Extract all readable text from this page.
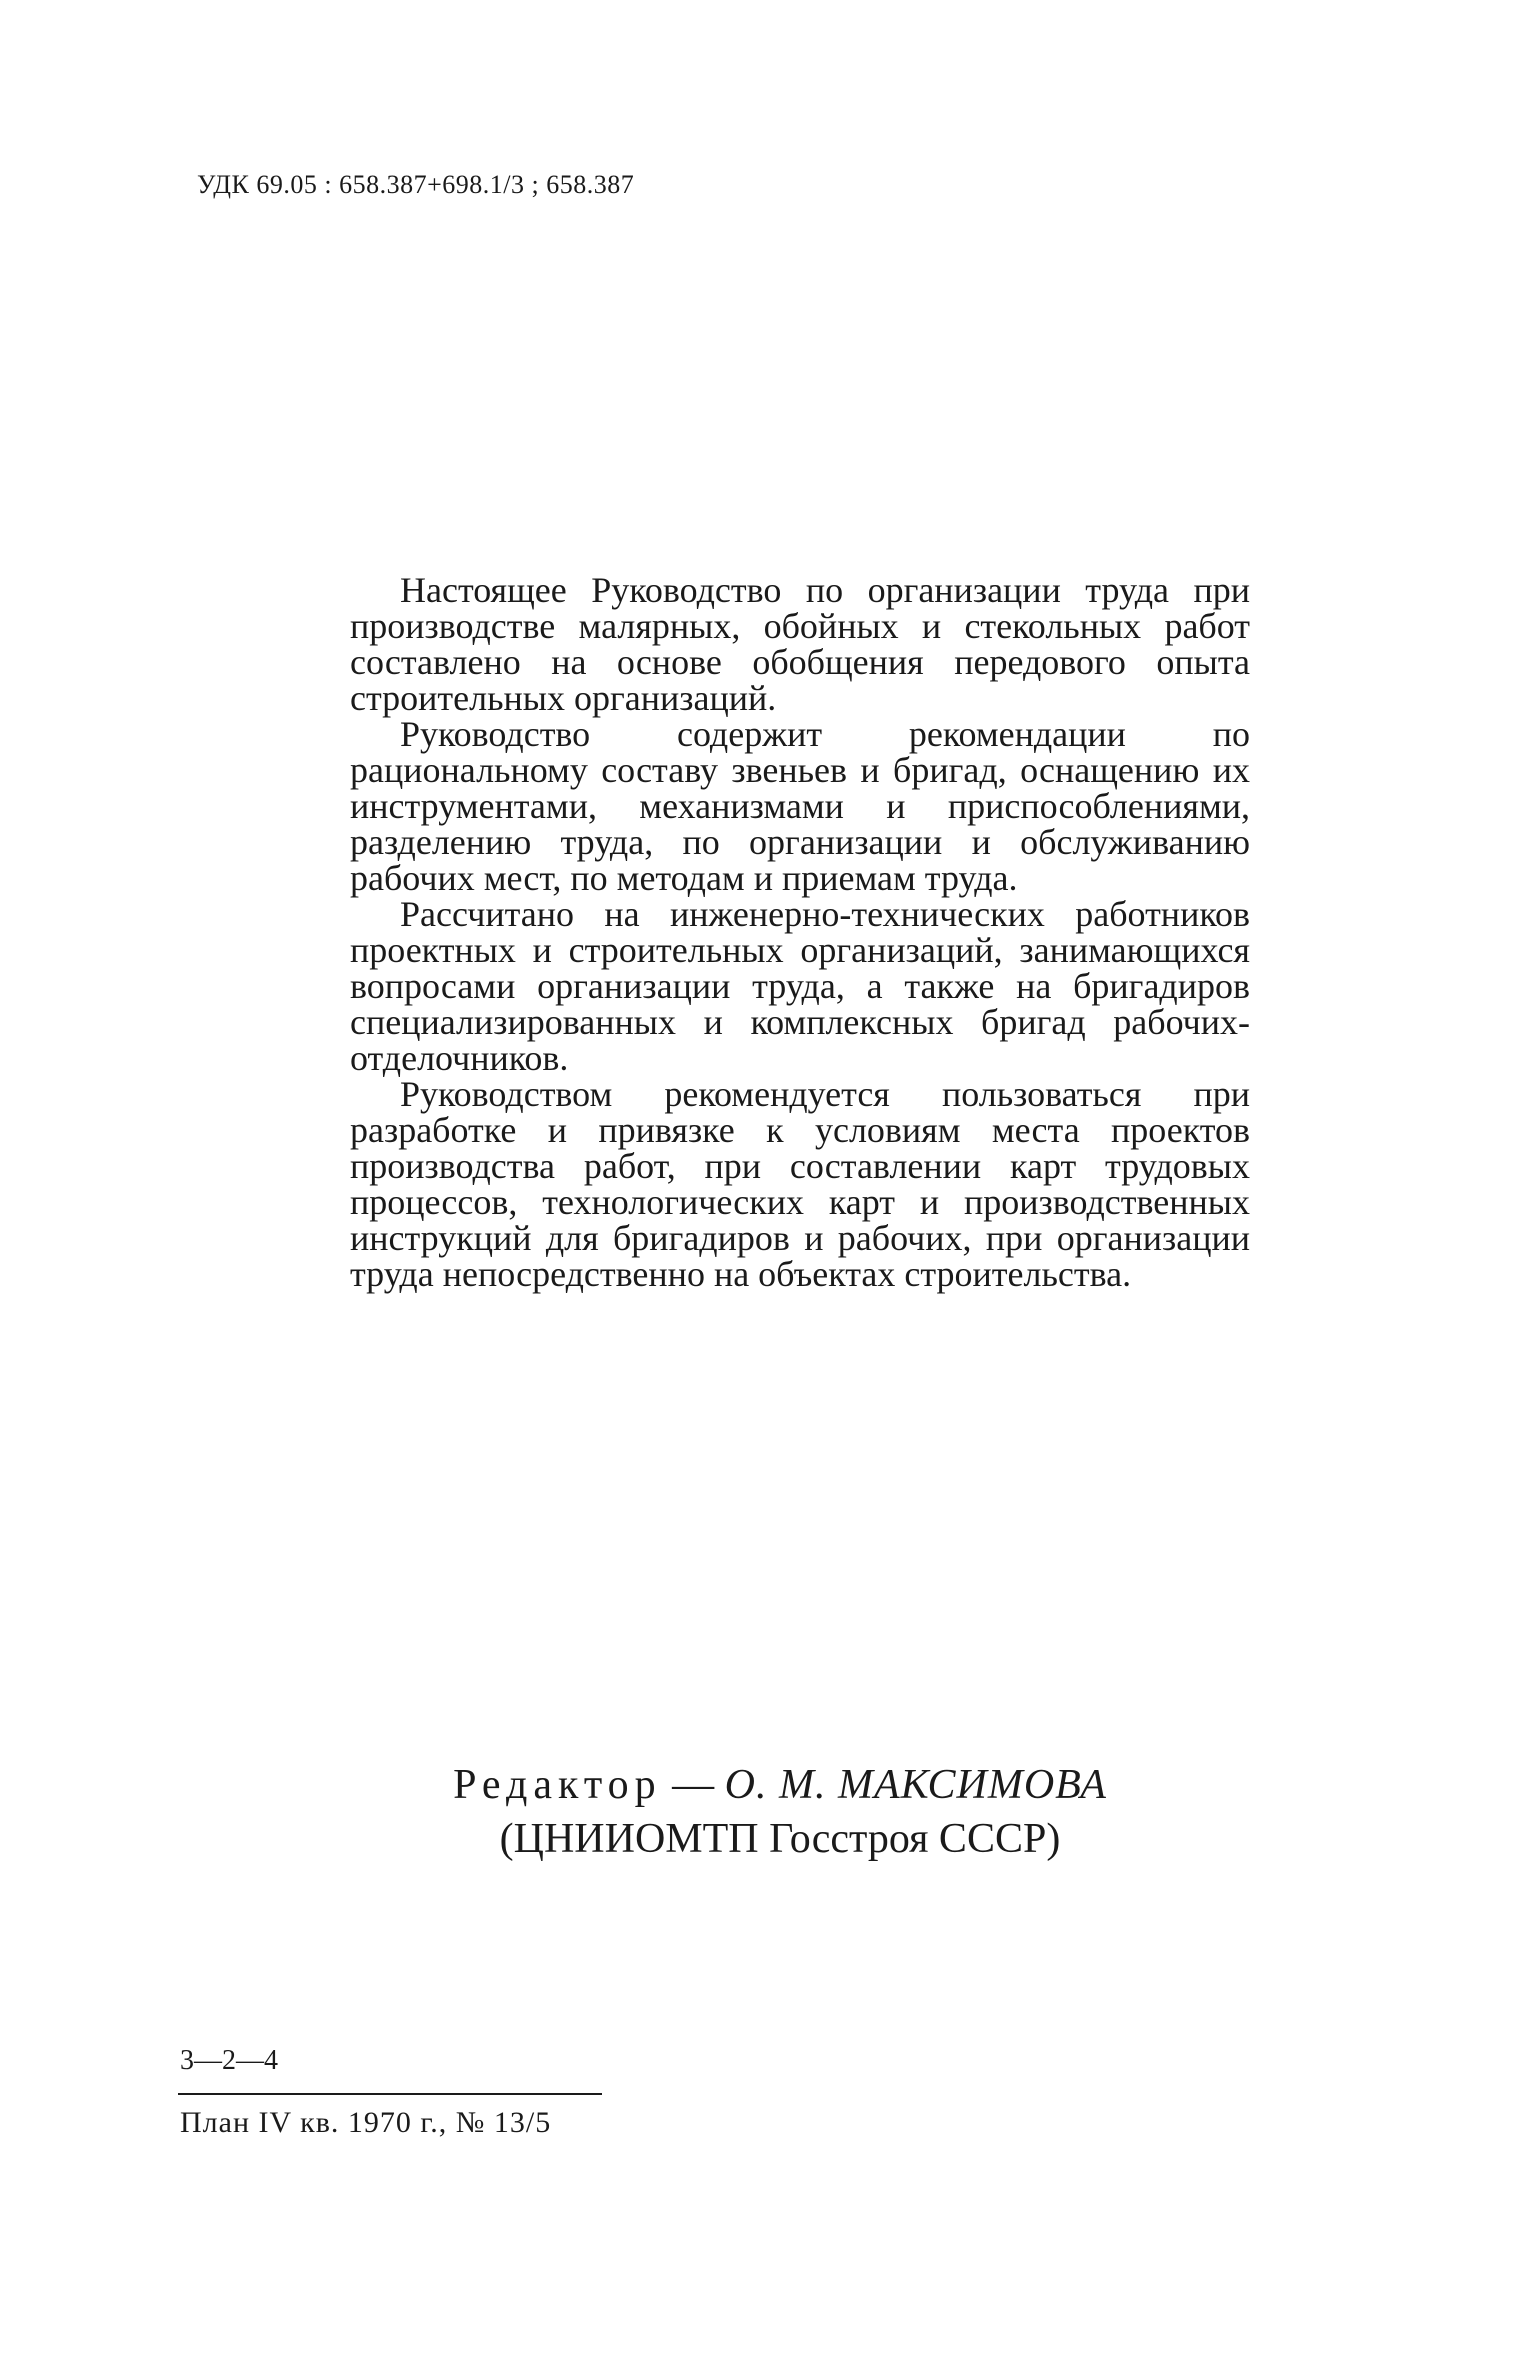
УДК 69.05 : 658.387+698.1/3 ; 658.387

Настоящее Руководство по организации труда при производстве малярных, обойных и стекольных работ составлено на основе обобщения передового опыта строительных организаций.

Руководство содержит рекомендации по рациональному составу звеньев и бригад, оснащению их инструментами, механизмами и приспособлениями, разделению труда, по организации и обслуживанию рабочих мест, по методам и приемам труда.

Рассчитано на инженерно-технических работников проектных и строительных организаций, занимающихся вопросами организации труда, а также на бригадиров специализированных и комплексных бригад рабочих-отделочников.

Руководством рекомендуется пользоваться при разработке и привязке к условиям места проектов производства работ, при составлении карт трудовых процессов, технологических карт и производственных инструкций для бригадиров и рабочих, при организации труда непосредственно на объектах строительства.

Редактор — О. М. МАКСИМОВА
(ЦНИИОМТП Госстроя СССР)
3—2—4
План IV кв. 1970 г., № 13/5
